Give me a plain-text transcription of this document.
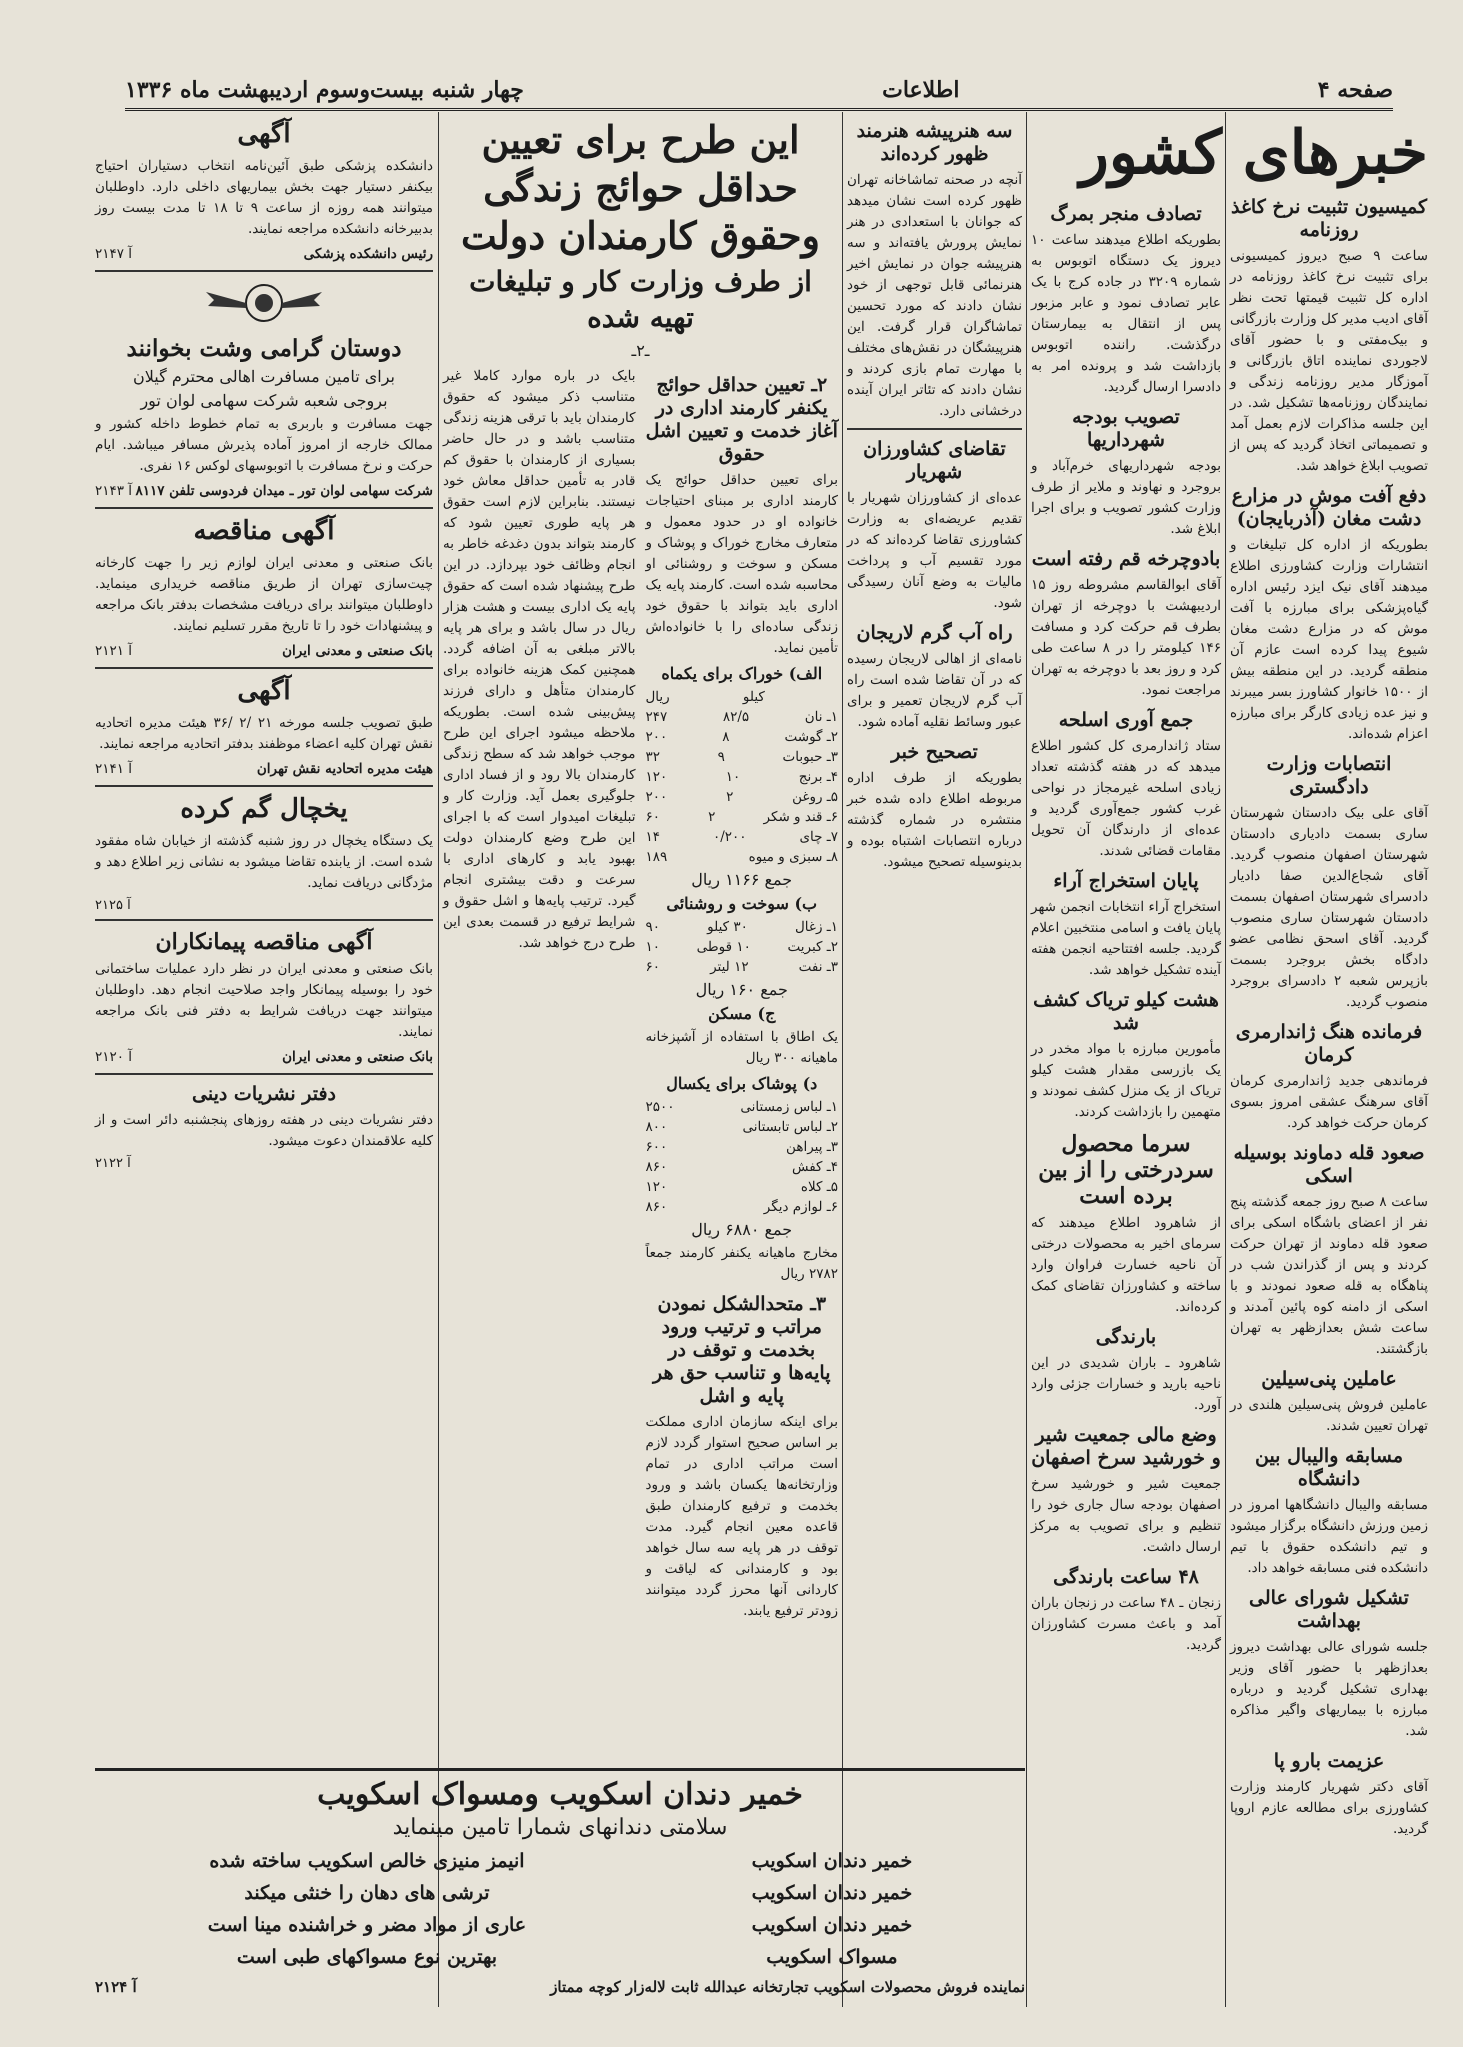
صفحه ۴
اطلاعات
چهار شنبه بیست‌وسوم اردیبهشت ماه ۱۳۳۶
خبرهای کشور
کمیسیون تثبیت نرخ کاغذ روزنامه

ساعت ۹ صبح دیروز کمیسیونی برای تثبیت نرخ کاغذ روزنامه در اداره کل تثبیت قیمتها تحت نظر آقای ادیب مدیر کل وزارت بازرگانی و بیک‌مفتی و با حضور آقای لاجوردی نماینده اتاق بازرگانی و آموزگار مدیر روزنامه زندگی و نمایندگان روزنامه‌ها تشکیل شد. در این جلسه مذاکرات لازم بعمل آمد و تصمیماتی اتخاذ گردید که پس از تصویب ابلاغ خواهد شد.

دفع آفت موش در مزارع دشت مغان (آذربایجان)

بطوریکه از اداره کل تبلیغات و انتشارات وزارت کشاورزی اطلاع میدهند آقای نیک ایزد رئیس اداره گیاه‌پزشکی برای مبارزه با آفت موش که در مزارع دشت مغان شیوع پیدا کرده است عازم آن منطقه گردید. در این منطقه بیش از ۱۵۰۰ خانوار کشاورز بسر میبرند و نیز عده زیادی کارگر برای مبارزه اعزام شده‌اند.

انتصابات وزارت دادگستری

آقای علی بیک دادستان شهرستان ساری بسمت دادیاری دادستان شهرستان اصفهان منصوب گردید. آقای شجاع‌الدین صفا دادیار دادسرای شهرستان اصفهان بسمت دادستان شهرستان ساری منصوب گردید. آقای اسحق نظامی عضو دادگاه بخش بروجرد بسمت بازپرس شعبه ۲ دادسرای بروجرد منصوب گردید.

فرمانده هنگ ژاندارمری کرمان

فرماندهی جدید ژاندارمری کرمان آقای سرهنگ عشقی امروز بسوی کرمان حرکت خواهد کرد.

صعود قله دماوند بوسیله اسکی

ساعت ۸ صبح روز جمعه گذشته پنج نفر از اعضای باشگاه اسکی برای صعود قله دماوند از تهران حرکت کردند و پس از گذراندن شب در پناهگاه به قله صعود نمودند و با اسکی از دامنه کوه پائین آمدند و ساعت شش بعدازظهر به تهران بازگشتند.

عاملین پنی‌سیلین

عاملین فروش پنی‌سیلین هلندی در تهران تعیین شدند.

مسابقه والیبال بین دانشگاه

مسابقه والیبال دانشگاهها امروز در زمین ورزش دانشگاه برگزار میشود و تیم دانشکده حقوق با تیم دانشکده فنی مسابقه خواهد داد.

تشکیل شورای عالی بهداشت

جلسه شورای عالی بهداشت دیروز بعدازظهر با حضور آقای وزیر بهداری تشکیل گردید و درباره مبارزه با بیماریهای واگیر مذاکره شد.

عزیمت بارو پا

آقای دکتر شهریار کارمند وزارت کشاورزی برای مطالعه عازم اروپا گردید.

تصادف منجر بمرگ

بطوریکه اطلاع میدهند ساعت ۱۰ دیروز یک دستگاه اتوبوس به شماره ۳۲۰۹ در جاده کرج با یک عابر تصادف نمود و عابر مزبور پس از انتقال به بیمارستان درگذشت. راننده اتوبوس بازداشت شد و پرونده امر به دادسرا ارسال گردید.

تصویب بودجه شهرداریها

بودجه شهرداریهای خرم‌آباد و بروجرد و نهاوند و ملایر از طرف وزارت کشور تصویب و برای اجرا ابلاغ شد.

بادوچرخه قم رفته است

آقای ابوالقاسم مشروطه روز ۱۵ اردیبهشت با دوچرخه از تهران بطرف قم حرکت کرد و مسافت ۱۴۶ کیلومتر را در ۸ ساعت طی کرد و روز بعد با دوچرخه به تهران مراجعت نمود.

جمع آوری اسلحه

ستاد ژاندارمری کل کشور اطلاع میدهد که در هفته گذشته تعداد زیادی اسلحه غیرمجاز در نواحی غرب کشور جمع‌آوری گردید و عده‌ای از دارندگان آن تحویل مقامات قضائی شدند.

پایان استخراج آراء

استخراج آراء انتخابات انجمن شهر پایان یافت و اسامی منتخبین اعلام گردید. جلسه افتتاحیه انجمن هفته آینده تشکیل خواهد شد.

هشت کیلو تریاک کشف شد

مأمورین مبارزه با مواد مخدر در یک بازرسی مقدار هشت کیلو تریاک از یک منزل کشف نمودند و متهمین را بازداشت کردند.

سرما محصول سردرختی را از بین برده است

از شاهرود اطلاع میدهند که سرمای اخیر به محصولات درختی آن ناحیه خسارت فراوان وارد ساخته و کشاورزان تقاضای کمک کرده‌اند.

بارندگی

شاهرود ـ باران شدیدی در این ناحیه بارید و خسارات جزئی وارد آورد.

وضع مالی جمعیت شیر و خورشید سرخ اصفهان

جمعیت شیر و خورشید سرخ اصفهان بودجه سال جاری خود را تنظیم و برای تصویب به مرکز ارسال داشت.

۴۸ ساعت بارندگی

زنجان ـ ۴۸ ساعت در زنجان باران آمد و باعث مسرت کشاورزان گردید.

سه هنرپیشه هنرمند ظهور کرده‌اند

آنچه در صحنه تماشاخانه تهران ظهور کرده است نشان میدهد که جوانان با استعدادی در هنر نمایش پرورش یافته‌اند و سه هنرپیشه جوان در نمایش اخیر هنرنمائی قابل توجهی از خود نشان دادند که مورد تحسین تماشاگران قرار گرفت. این هنرپیشگان در نقش‌های مختلف با مهارت تمام بازی کردند و نشان دادند که تئاتر ایران آینده درخشانی دارد.

تقاضای کشاورزان شهریار

عده‌ای از کشاورزان شهریار با تقدیم عریضه‌ای به وزارت کشاورزی تقاضا کرده‌اند که در مورد تقسیم آب و پرداخت مالیات به وضع آنان رسیدگی شود.

راه آب گرم لاریجان

نامه‌ای از اهالی لاریجان رسیده که در آن تقاضا شده است راه آب گرم لاریجان تعمیر و برای عبور وسائط نقلیه آماده شود.

تصحیح خبر

بطوریکه از طرف اداره مربوطه اطلاع داده شده خبر منتشره در شماره گذشته درباره انتصابات اشتباه بوده و بدینوسیله تصحیح میشود.

این طرح برای تعیین حداقل حوائج زندگی وحقوق کارمندان دولت
از طرف وزارت کار و تبلیغات تهیه شده
ـ۲ـ
۲ـ تعیین حداقل حوائج یکنفر کارمند اداری در آغاز خدمت و تعیین اشل حقوق

برای تعیین حداقل حوائج یک کارمند اداری بر مبنای احتیاجات خانواده او در حدود معمول و متعارف مخارج خوراک و پوشاک و مسکن و سوخت و روشنائی او محاسبه شده است. کارمند پایه یک اداری باید بتواند با حقوق خود زندگی ساده‌ای را با خانواده‌اش تأمین نماید.

الف) خوراک برای یکماه
کیلو
ریال
۱ـ نان
۸۲/۵
۲۴۷
۲ـ گوشت
۸
۲۰۰
۳ـ حبوبات
۹
۳۲
۴ـ برنج
۱۰
۱۲۰
۵ـ روغن
۲
۲۰۰
۶ـ قند و شکر
۲
۶۰
۷ـ چای
۰/۲۰۰
۱۴
۸ـ سبزی و میوه
۱۸۹
جمع ۱۱۶۶ ریال
ب) سوخت و روشنائی
۱ـ زغال
۳۰ کیلو
۹۰
۲ـ کبریت
۱۰ قوطی
۱۰
۳ـ نفت
۱۲ لیتر
۶۰
جمع ۱۶۰ ریال
ج) مسکن

یک اطاق با استفاده از آشپزخانه ماهیانه ۳۰۰ ریال

د) پوشاک برای یکسال
۱ـ لباس زمستانی
۲۵۰۰
۲ـ لباس تابستانی
۸۰۰
۳ـ پیراهن
۶۰۰
۴ـ کفش
۸۶۰
۵ـ کلاه
۱۲۰
۶ـ لوازم دیگر
۸۶۰
جمع ۶۸۸۰ ریال

مخارج ماهیانه یکنفر کارمند جمعاً ۲۷۸۲ ریال

۳ـ متحدالشکل نمودن مراتب و ترتیب ورود بخدمت و توقف در پایه‌ها و تناسب حق هر پایه و اشل

برای اینکه سازمان اداری مملکت بر اساس صحیح استوار گردد لازم است مراتب اداری در تمام وزارتخانه‌ها یکسان باشد و ورود بخدمت و ترفیع کارمندان طبق قاعده معین انجام گیرد. مدت توقف در هر پایه سه سال خواهد بود و کارمندانی که لیاقت و کاردانی آنها محرز گردد میتوانند زودتر ترفیع یابند.

بایک در باره موارد کاملا غیر متناسب ذکر میشود که حقوق کارمندان باید با ترقی هزینه زندگی متناسب باشد و در حال حاضر بسیاری از کارمندان با حقوق کم قادر به تأمین حداقل معاش خود نیستند. بنابراین لازم است حقوق هر پایه طوری تعیین شود که کارمند بتواند بدون دغدغه خاطر به انجام وظائف خود بپردازد. در این طرح پیشنهاد شده است که حقوق پایه یک اداری بیست و هشت هزار ریال در سال باشد و برای هر پایه بالاتر مبلغی به آن اضافه گردد. همچنین کمک هزینه خانواده برای کارمندان متأهل و دارای فرزند پیش‌بینی شده است. بطوریکه ملاحظه میشود اجرای این طرح موجب خواهد شد که سطح زندگی کارمندان بالا رود و از فساد اداری جلوگیری بعمل آید. وزارت کار و تبلیغات امیدوار است که با اجرای این طرح وضع کارمندان دولت بهبود یابد و کارهای اداری با سرعت و دقت بیشتری انجام گیرد. ترتیب پایه‌ها و اشل حقوق و شرایط ترفیع در قسمت بعدی این طرح درج خواهد شد.

آگهی

دانشکده پزشکی طبق آئین‌نامه انتخاب دستیاران احتیاج بیکنفر دستیار جهت بخش بیماریهای داخلی دارد. داوطلبان میتوانند همه روزه از ساعت ۹ تا ۱۸ تا مدت بیست روز بدبیرخانه دانشکده مراجعه نمایند.

رئیس دانشکده پزشکی
آ ۲۱۴۷
دوستان گرامی وشت بخوانند
برای تامین مسافرت اهالی محترم گیلان
بروجی شعبه شرکت سهامی لوان تور

جهت مسافرت و باربری به تمام خطوط داخله کشور و ممالک خارجه از امروز آماده پذیرش مسافر میباشد. ایام حرکت و نرخ مسافرت با اتوبوسهای لوکس ۱۶ نفری.

شرکت سهامی لوان تور ـ میدان فردوسی تلفن ۸۱۱۷
آ ۲۱۴۳
آگهی مناقصه

بانک صنعتی و معدنی ایران لوازم زیر را جهت کارخانه چیت‌سازی تهران از طریق مناقصه خریداری مینماید. داوطلبان میتوانند برای دریافت مشخصات بدفتر بانک مراجعه و پیشنهادات خود را تا تاریخ مقرر تسلیم نمایند.

بانک صنعتی و معدنی ایران
آ ۲۱۲۱
آگهی

طبق تصویب جلسه مورخه ۲۱ /۲ /۳۶ هیئت مدیره اتحادیه نقش تهران کلیه اعضاء موظفند بدفتر اتحادیه مراجعه نمایند.

هیئت مدیره اتحادیه نقش تهران
آ ۲۱۴۱
یخچال گم کرده

یک دستگاه یخچال در روز شنبه گذشته از خیابان شاه مفقود شده است. از یابنده تقاضا میشود به نشانی زیر اطلاع دهد و مژدگانی دریافت نماید.

آ ۲۱۲۵
آگهی مناقصه پیمانکاران

بانک صنعتی و معدنی ایران در نظر دارد عملیات ساختمانی خود را بوسیله پیمانکار واجد صلاحیت انجام دهد. داوطلبان میتوانند جهت دریافت شرایط به دفتر فنی بانک مراجعه نمایند.

بانک صنعتی و معدنی ایران
آ ۲۱۲۰
دفتر نشریات دینی

دفتر نشریات دینی در هفته روزهای پنجشنبه دائر است و از کلیه علاقمندان دعوت میشود.

آ ۲۱۲۲
خمیر دندان اسکویب ومسواک اسکویب
سلامتی دندانهای شمارا تامین مینماید
خمیر دندان اسکویب
خمیر دندان اسکویب
خمیر دندان اسکویب
مسواک اسکویب
انیمز منیزی خالص اسکویب ساخته شده
ترشی های دهان را خنثی میکند
عاری از مواد مضر و خراشنده مینا است
بهترین نوع مسواکهای طبی است
نماینده فروش محصولات اسکویب تجارتخانه عبدالله ثابت لاله‌زار کوچه ممتاز
آ ۲۱۲۴
